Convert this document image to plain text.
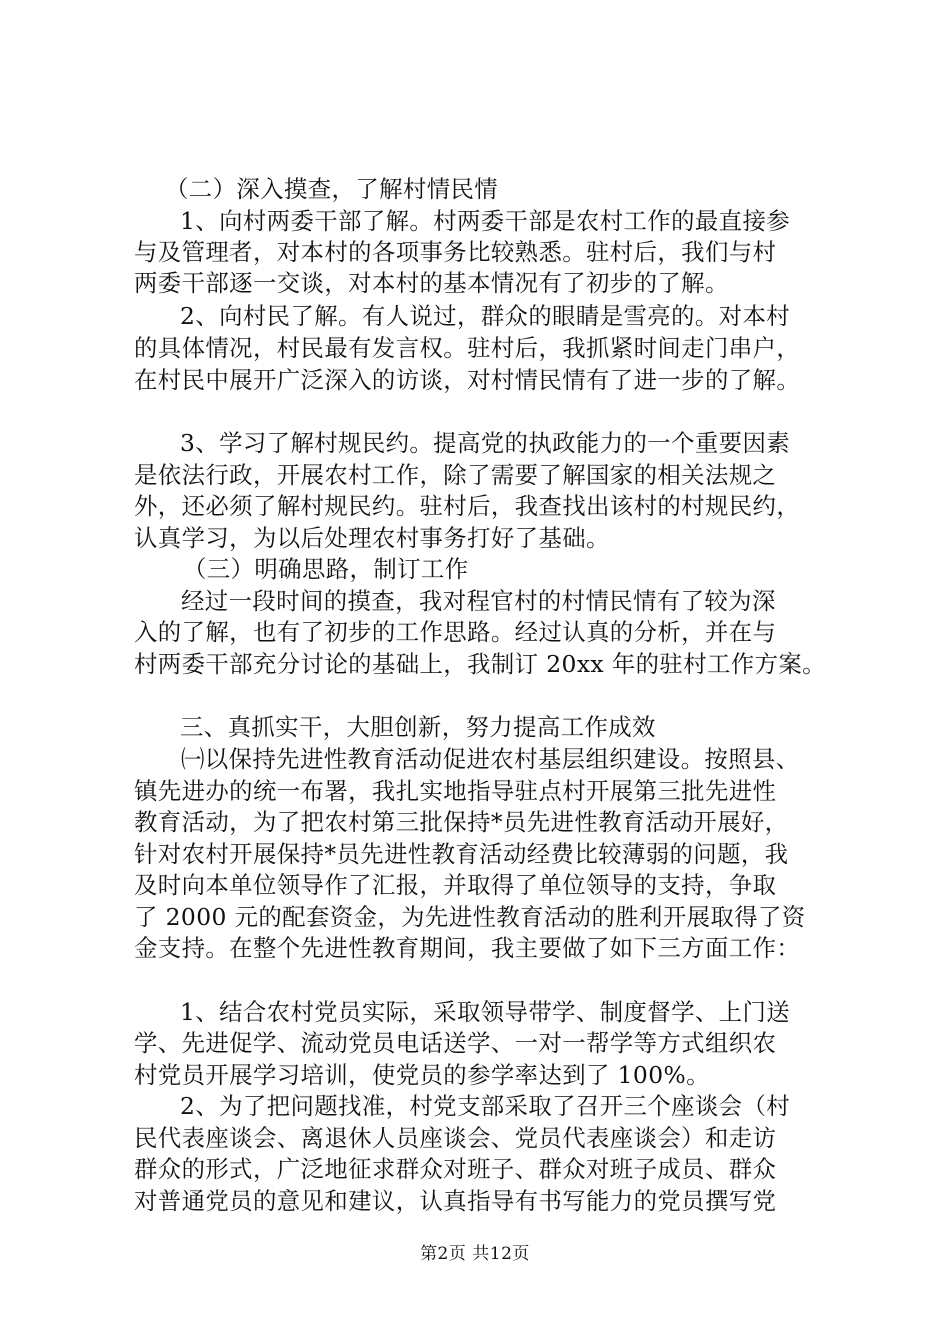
（二）深入摸查，了解村情民情
1、向村两委干部了解。村两委干部是农村工作的最直接参
与及管理者，对本村的各项事务比较熟悉。驻村后，我们与村
两委干部逐一交谈，对本村的基本情况有了初步的了解。
2、向村民了解。有人说过，群众的眼睛是雪亮的。对本村
的具体情况，村民最有发言权。驻村后，我抓紧时间走门串户，
在村民中展开广泛深入的访谈，对村情民情有了进一步的了解。
3、学习了解村规民约。提高党的执政能力的一个重要因素
是依法行政，开展农村工作，除了需要了解国家的相关法规之
外，还必须了解村规民约。驻村后，我查找出该村的村规民约，
认真学习，为以后处理农村事务打好了基础。
（三）明确思路，制订工作
经过一段时间的摸查，我对程官村的村情民情有了较为深
入的了解，也有了初步的工作思路。经过认真的分析，并在与
村两委干部充分讨论的基础上，我制订 20xx 年的驻村工作方案。
三、真抓实干，大胆创新，努力提高工作成效
㈠以保持先进性教育活动促进农村基层组织建设。按照县、
镇先进办的统一布署，我扎实地指导驻点村开展第三批先进性
教育活动，为了把农村第三批保持*员先进性教育活动开展好，
针对农村开展保持*员先进性教育活动经费比较薄弱的问题，我
及时向本单位领导作了汇报，并取得了单位领导的支持，争取
了 2000 元的配套资金，为先进性教育活动的胜利开展取得了资
金支持。在整个先进性教育期间，我主要做了如下三方面工作：
1、结合农村党员实际，采取领导带学、制度督学、上门送
学、先进促学、流动党员电话送学、一对一帮学等方式组织农
村党员开展学习培训，使党员的参学率达到了 100%。
2、为了把问题找准，村党支部采取了召开三个座谈会（村
民代表座谈会、离退休人员座谈会、党员代表座谈会）和走访
群众的形式，广泛地征求群众对班子、群众对班子成员、群众
对普通党员的意见和建议，认真指导有书写能力的党员撰写党
第2页 共12页
